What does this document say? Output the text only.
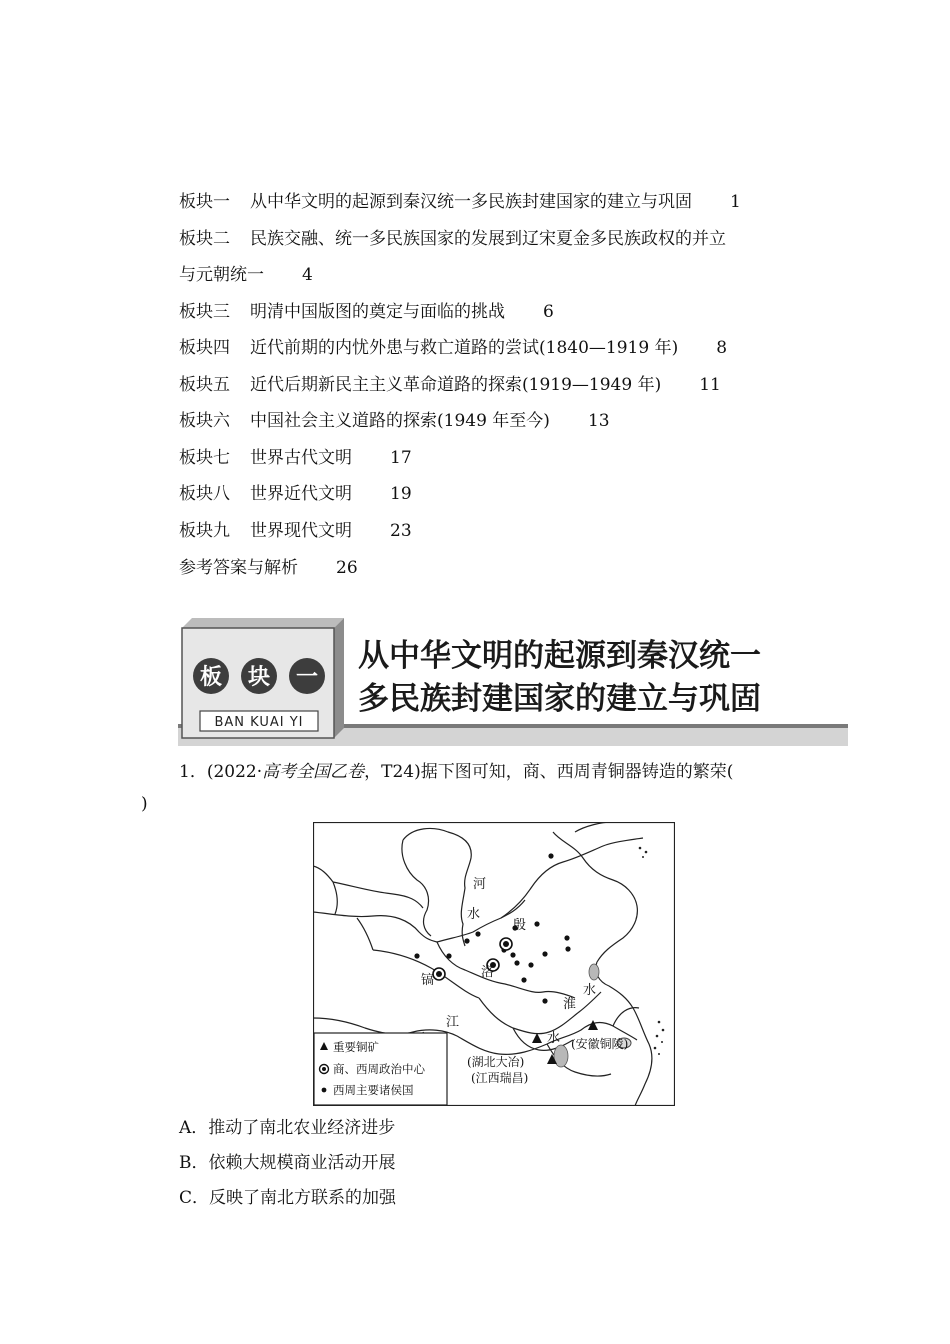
板块一 从中华文明的起源到秦汉统一多民族封建国家的建立与巩固 1
板块二 民族交融、统一多民族国家的发展到辽宋夏金多民族政权的并立
与元朝统一 4
板块三 明清中国版图的奠定与面临的挑战 6
板块四 近代前期的内忧外患与救亡道路的尝试(1840—1919 年) 8
板块五 近代后期新民主主义革命道路的探索(1919—1949 年) 11
板块六 中国社会主义道路的探索(1949 年至今) 13
板块七 世界古代文明 17
板块八 世界近代文明 19
板块九 世界现代文明 23
参考答案与解析 26
板 块 一
BAN KUAI YI
从中华文明的起源到秦汉统一
多民族封建国家的建立与巩固
1．(2022·高考全国乙卷，T24)据下图可知，商、西周青铜器铸造的繁荣(
)
河
水
殷
镐
洛
淮
水
江
水
(湖北大冶)
(江西瑞昌)
(安徽铜陵)
重要铜矿
商、西周政治中心
西周主要诸侯国
A．推动了南北农业经济进步
B．依赖大规模商业活动开展
C．反映了南北方联系的加强
